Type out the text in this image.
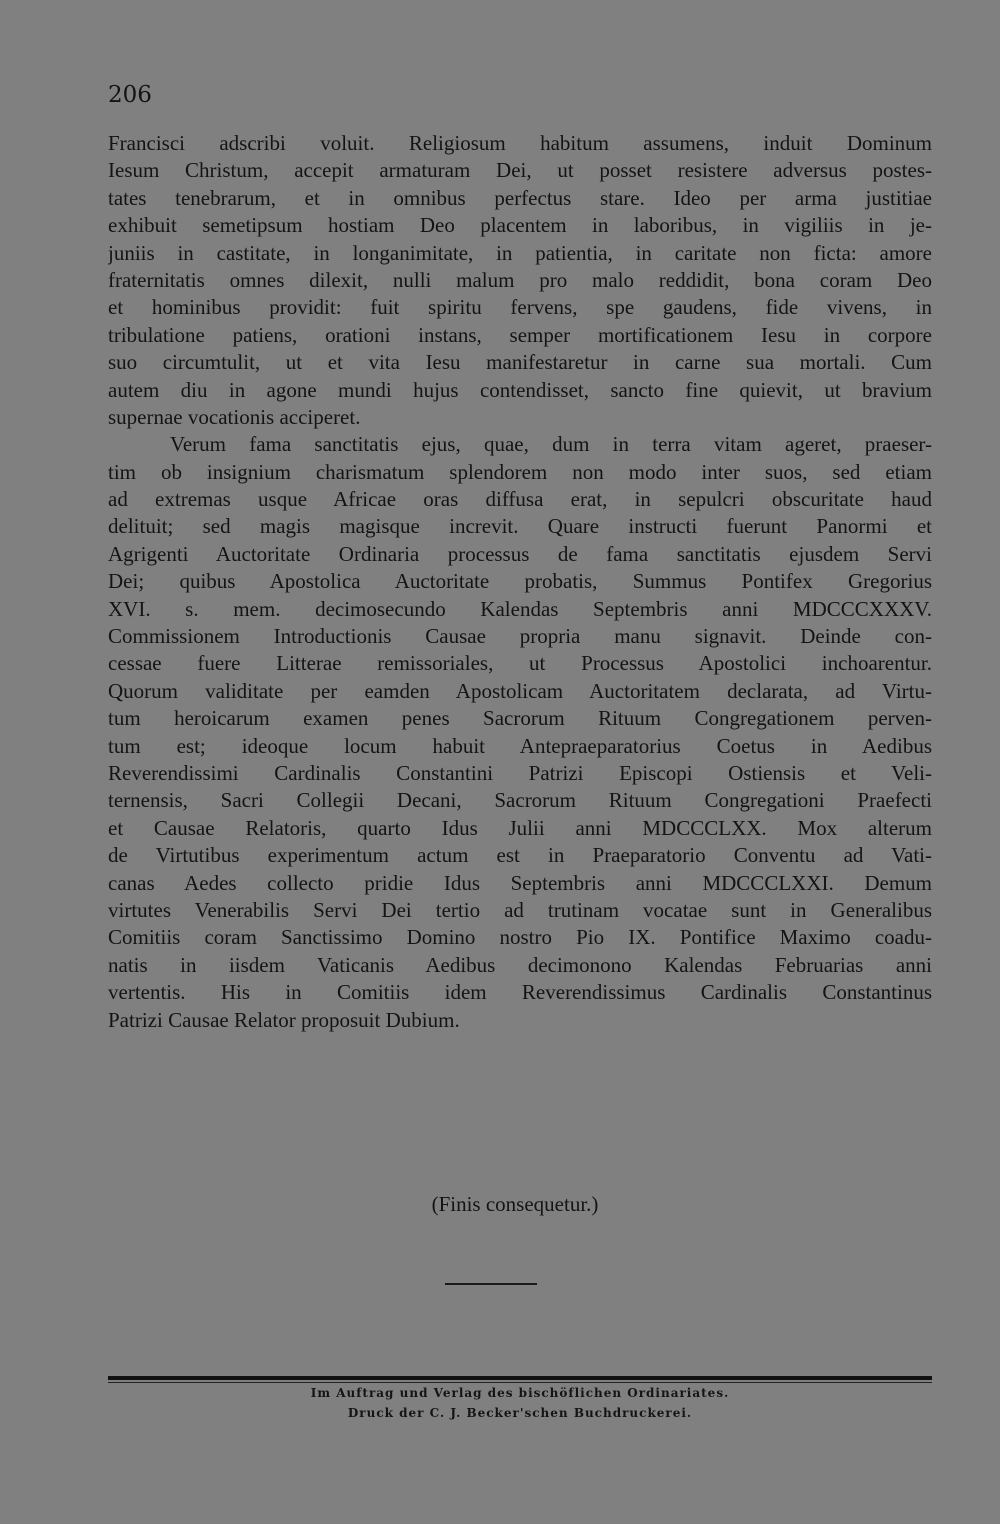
206
Francisci adscribi voluit. Religiosum habitum assumens, induit Dominum
Iesum Christum, accepit armaturam Dei, ut posset resistere adversus postes-
tates tenebrarum, et in omnibus perfectus stare. Ideo per arma justitiae
exhibuit semetipsum hostiam Deo placentem in laboribus, in vigiliis in je-
juniis in castitate, in longanimitate, in patientia, in caritate non ficta: amore
fraternitatis omnes dilexit, nulli malum pro malo reddidit, bona coram Deo
et hominibus providit: fuit spiritu fervens, spe gaudens, fide vivens, in
tribulatione patiens, orationi instans, semper mortificationem Iesu in corpore
suo circumtulit, ut et vita Iesu manifestaretur in carne sua mortali. Cum
autem diu in agone mundi hujus contendisset, sancto fine quievit, ut bravium
supernae vocationis acciperet.
Verum fama sanctitatis ejus, quae, dum in terra vitam ageret, praeser-
tim ob insignium charismatum splendorem non modo inter suos, sed etiam
ad extremas usque Africae oras diffusa erat, in sepulcri obscuritate haud
delituit; sed magis magisque increvit. Quare instructi fuerunt Panormi et
Agrigenti Auctoritate Ordinaria processus de fama sanctitatis ejusdem Servi
Dei; quibus Apostolica Auctoritate probatis, Summus Pontifex Gregorius
XVI. s. mem. decimosecundo Kalendas Septembris anni MDCCCXXXV.
Commissionem Introductionis Causae propria manu signavit. Deinde con-
cessae fuere Litterae remissoriales, ut Processus Apostolici inchoarentur.
Quorum validitate per eamden Apostolicam Auctoritatem declarata, ad Virtu-
tum heroicarum examen penes Sacrorum Rituum Congregationem perven-
tum est; ideoque locum habuit Antepraeparatorius Coetus in Aedibus
Reverendissimi Cardinalis Constantini Patrizi Episcopi Ostiensis et Veli-
ternensis, Sacri Collegii Decani, Sacrorum Rituum Congregationi Praefecti
et Causae Relatoris, quarto Idus Julii anni MDCCCLXX. Mox alterum
de Virtutibus experimentum actum est in Praeparatorio Conventu ad Vati-
canas Aedes collecto pridie Idus Septembris anni MDCCCLXXI. Demum
virtutes Venerabilis Servi Dei tertio ad trutinam vocatae sunt in Generalibus
Comitiis coram Sanctissimo Domino nostro Pio IX. Pontifice Maximo coadu-
natis in iisdem Vaticanis Aedibus decimonono Kalendas Februarias anni
vertentis. His in Comitiis idem Reverendissimus Cardinalis Constantinus
Patrizi Causae Relator proposuit Dubium.
(Finis consequetur.)
Im Auftrag und Verlag des bischöflichen Ordinariates.
Druck der C. J. Becker'schen Buchdruckerei.
